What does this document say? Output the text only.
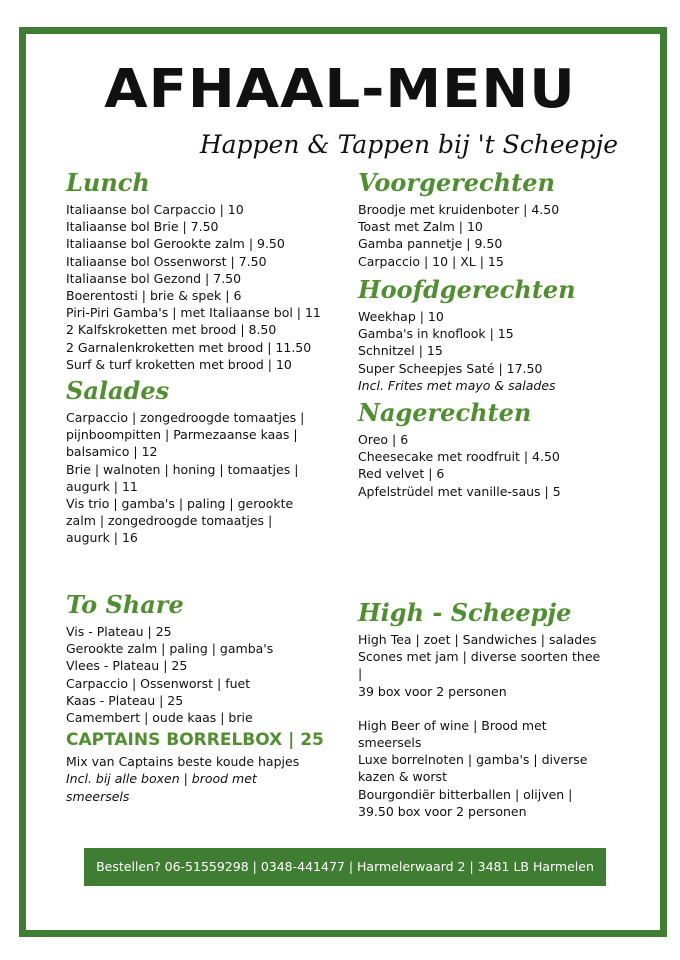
AFHAAL-MENU
Happen & Tappen bij 't Scheepje
Lunch

Italiaanse bol Carpaccio | 10

Italiaanse bol Brie | 7.50

Italiaanse bol Gerookte zalm | 9.50

Italiaanse bol Ossenworst | 7.50

Italiaanse bol Gezond | 7.50

Boerentosti | brie & spek | 6

Piri-Piri Gamba's | met Italiaanse bol | 11

2 Kalfskroketten met brood | 8.50

2 Garnalenkroketten met brood | 11.50

Surf & turf kroketten met brood | 10

Salades

Carpaccio | zongedroogde tomaatjes | pijnboompitten | Parmezaanse kaas | balsamico | 12

Brie | walnoten | honing | tomaatjes | augurk | 11

Vis trio | gamba's | paling | gerookte zalm | zongedroogde tomaatjes | augurk | 16

To Share

Vis - Plateau | 25

Gerookte zalm | paling | gamba's

Vlees - Plateau | 25

Carpaccio | Ossenworst | fuet

Kaas - Plateau | 25

Camembert | oude kaas | brie

CAPTAINS BORRELBOX | 25

Mix van Captains beste koude hapjes

Incl. bij alle boxen | brood met smeersels

Voorgerechten

Broodje met kruidenboter | 4.50

Toast met Zalm | 10

Gamba pannetje | 9.50

Carpaccio | 10 | XL | 15

Hoofdgerechten

Weekhap | 10

Gamba's in knoflook | 15

Schnitzel | 15

Super Scheepjes Saté | 17.50

Incl. Frites met mayo & salades

Nagerechten

Oreo | 6

Cheesecake met roodfruit | 4.50

Red velvet | 6

Apfelstrüdel met vanille-saus | 5

High - Scheepje

High Tea | zoet | Sandwiches | salades

Scones met jam | diverse soorten thee |

39 box voor 2 personen

High Beer of wine | Brood met smeersels

Luxe borrelnoten | gamba's | diverse kazen & worst

Bourgondiër bitterballen | olijven | 39.50 box voor 2 personen

Bestellen? 06-51559298 | 0348-441477 | Harmelerwaard 2 | 3481 LB Harmelen
